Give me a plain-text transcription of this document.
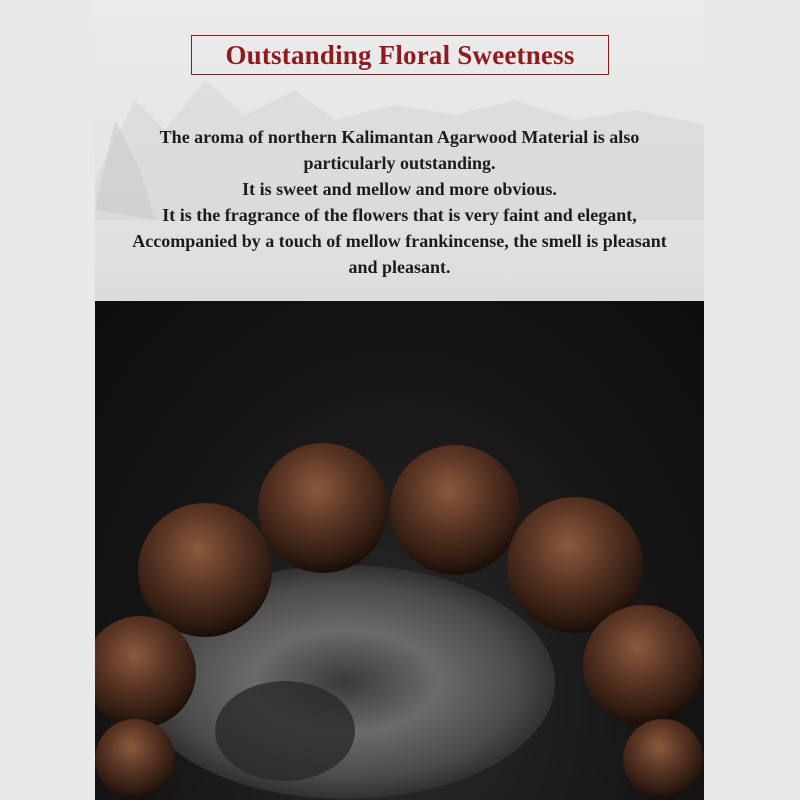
Outstanding Floral Sweetness
The aroma of northern Kalimantan Agarwood Material is also
particularly outstanding.
It is sweet and mellow and more obvious.
It is the fragrance of the flowers that is very faint and elegant,
Accompanied by a touch of mellow frankincense, the smell is pleasant
and pleasant.
